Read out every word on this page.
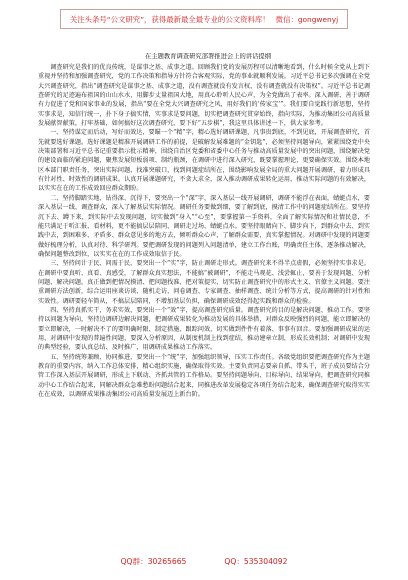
关注头条号“公文研究”，获得最新最全最专业的公文资料库！ 微信：gongwenyj
在主题教育调查研究部署推进会上的讲话提纲

调查研究是我们的优良传统，是谋事之基、成事之道。回顾我们党的发展历程可以清晰地看到，什么时候全党从上到下重视并坚持和加强调查研究，党的工作决策和指导方针符合客观实际，党的事业就顺利发展。习近平总书记多次强调在全党大兴调查研究，指出“调查研究是谋事之基、成事之道，没有调查就没有发言权，没有调查就没有决策权”。习近平总书记调查研究的足迹遍布祖国的山山水水，用脚步丈量祖国大地，用真心聆听人民心声，为全党做出了表率。深入调研、善于调研有力促进了党和国家事业的发展，指出“要在全党大兴调查研究之风，用好我们的‘传家宝’”。我们要自觉践行新思想，坚持实事求是，知信行统一，扑下身子搞实情，实事求是要问题，切实把调查研究贯穿始终，指向实际，为推动集团公司高质量发展献智献策，打牢基础，如何搞好这次调查研究，要下好“五步棋”，我这里具体讲述一下，供大家参考。

一、坚持谋定而后动，写好而效达，要瞄一个“精”字，精心选好调研课题，凡事贵到底，不到见底，开展调查研究，首先就要选好课题。选好课题是精准开展调研工作的前提，是破解发展难题的“金钥匙”，必须坚持问题导向，紧紧围绕党中央决策部署和习近平总书记重要指示批示精神，围绕自治区党委和省委中心任务与推动高质量发展中的突出问题，围绕解决党的建设面临的紧迫问题，聚焦发展短板弱项、制约瓶颈，在调研中进行深入研究，既要掌握理论，更要确保实效。围绕本地区本部门职责任务，突出实际问题，找准突破口，找到问题症结所在，围绕影响发展全局的重大问题开展调研，着力形成具有针对性、时效性的调研成果。认真开展课题研究，不贪大求全，深入推动调研成果转化运用，推动实际问题的有效解决，以实实在在的工作成效回应群众期盼。

二、坚持脚踏实地、钻得深、沉得下，要突出一个“深”字，深入基层一线开展调研，调研不能浮在表面，蜻蜓点水，要深入基层一线、调查群众，深入了解基层实际情况。调研任务要做到细，要了解到底，摸清工作中的问题症结所在。要坚持沉下去、蹲下来，到实际中去发现问题，切实做到“身入”“心至”，要掌握第一手资料，全面了解实际情况和社情民意，不能只满足于听汇报、看材料，更不能搞层层陪同、调研走过场、蜻蜓点水。要坚持眼睛向下、脚步向下，到群众中去、到实践中去，到困难多、矛盾多、群众意见多的地方去，倾听群众心声，了解群众需要，真实掌握情况。对调研中发现的问题要做好梳理分析，认真对待、科学研判。要把调研发现的问题列入问题清单，建立工作台账，明确责任主体，逐条推动解决，确保问题整改到位，以实实在在的工作成效取信于民。

三、坚持问计于民、问需于民，要突出一个“实”字，防止调研走形式。调查研究来不得半点虚假，必须坚持实事求是。在调研中要真听、真看、真感受，了解群众真实想法，不能搞“被调研”，不能走马观花、浅尝辄止，要善于发现问题、分析问题、解决问题，真正做到把情况摸清、把问题找准、把对策提实，切实防止调查研究中的形式主义、官僚主义问题。要注重调研方法创新，综合运用座谈访谈、随机走访、问卷调查、专家调查、抽样调查、统计分析等方式，提高调研的针对性和实效性。调研要轻车简从，不搞层层陪同，不增加基层负担，确保调研成效经得起实践和群众的检验。

四、坚持真抓实干，务求实效，要突出一个“效”字，提高调查研究质量。调查研究的目的是解决问题、推动工作。要坚持以问题为导向，坚持边调研边解决问题，把调研成果转化为推动发展的具体举措，对群众反映强烈的问题，能立即解决的要立即解决，一时解决不了的要明确时限、制定措施、跟踪问效，切实做到件件有着落、事事有回音。要加强调研成果的运用，对调研中发现的普遍性问题，要深入分析原因，从制度机制上找到症结，推动建章立制，形成长效机制；对调研中发现的典型经验，要认真总结、及时推广，用调研成果推动工作落实。

五、坚持统筹兼顾、协同推进，要突出一个“统”字，加强组织领导，压实工作责任。各级党组织要把调查研究作为主题教育的重要内容，纳入工作总体安排，精心组织实施，确保取得实效。主要负责同志要亲自抓、带头干，班子成员要结合分管工作深入基层开展调研，形成上下联动、齐抓共管的工作格局。要坚持问题导向、目标导向、结果导向，把调查研究同推动中心工作结合起来，同解决群众急难愁盼问题结合起来，同推进改革发展稳定各项任务结合起来，确保调查研究取得实实在在成效，以调研成果推动集团公司高质量发展迈上新台阶。

QQ群：30265665	QQ：535304092
